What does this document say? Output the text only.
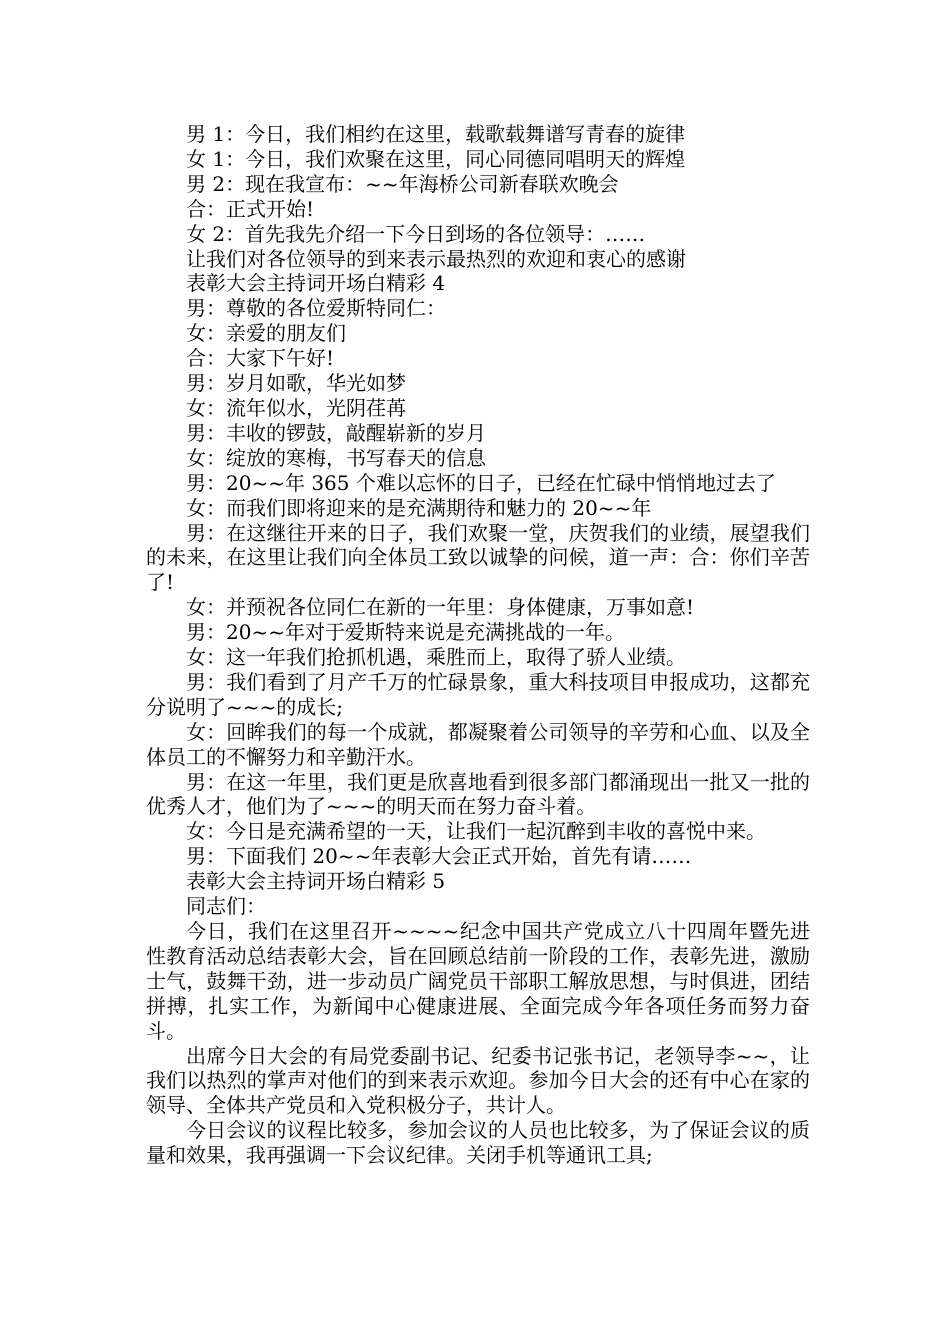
男 1：今日，我们相约在这里，载歌载舞谱写青春的旋律

女 1：今日，我们欢聚在这里，同心同德同唱明天的辉煌

男 2：现在我宣布：~~年海桥公司新春联欢晚会

合：正式开始!

女 2：首先我先介绍一下今日到场的各位领导：……

让我们对各位领导的到来表示最热烈的欢迎和衷心的感谢

表彰大会主持词开场白精彩 4

男：尊敬的各位爱斯特同仁：

女：亲爱的朋友们

合：大家下午好!

男：岁月如歌，华光如梦

女：流年似水，光阴荏苒

男：丰收的锣鼓，敲醒崭新的岁月

女：绽放的寒梅，书写春天的信息

男：20~~年 365 个难以忘怀的日子，已经在忙碌中悄悄地过去了

女：而我们即将迎来的是充满期待和魅力的 20~~年

男：在这继往开来的日子，我们欢聚一堂，庆贺我们的业绩，展望我们的未来，在这里让我们向全体员工致以诚挚的问候，道一声：合：你们辛苦了!

女：并预祝各位同仁在新的一年里：身体健康，万事如意!

男：20~~年对于爱斯特来说是充满挑战的一年。

女：这一年我们抢抓机遇，乘胜而上，取得了骄人业绩。

男：我们看到了月产千万的忙碌景象，重大科技项目申报成功，这都充分说明了~~~的成长;

女：回眸我们的每一个成就，都凝聚着公司领导的辛劳和心血、以及全体员工的不懈努力和辛勤汗水。

男：在这一年里，我们更是欣喜地看到很多部门都涌现出一批又一批的优秀人才，他们为了~~~的明天而在努力奋斗着。

女：今日是充满希望的一天，让我们一起沉醉到丰收的喜悦中来。

男：下面我们 20~~年表彰大会正式开始，首先有请……

表彰大会主持词开场白精彩 5

同志们：

今日，我们在这里召开~~~~纪念中国共产党成立八十四周年暨先进性教育活动总结表彰大会，旨在回顾总结前一阶段的工作，表彰先进，激励士气，鼓舞干劲，进一步动员广阔党员干部职工解放思想，与时俱进，团结拼搏，扎实工作，为新闻中心健康进展、全面完成今年各项任务而努力奋斗。

出席今日大会的有局党委副书记、纪委书记张书记，老领导李~~，让我们以热烈的掌声对他们的到来表示欢迎。参加今日大会的还有中心在家的领导、全体共产党员和入党积极分子，共计人。

今日会议的议程比较多，参加会议的人员也比较多，为了保证会议的质量和效果，我再强调一下会议纪律。关闭手机等通讯工具;
